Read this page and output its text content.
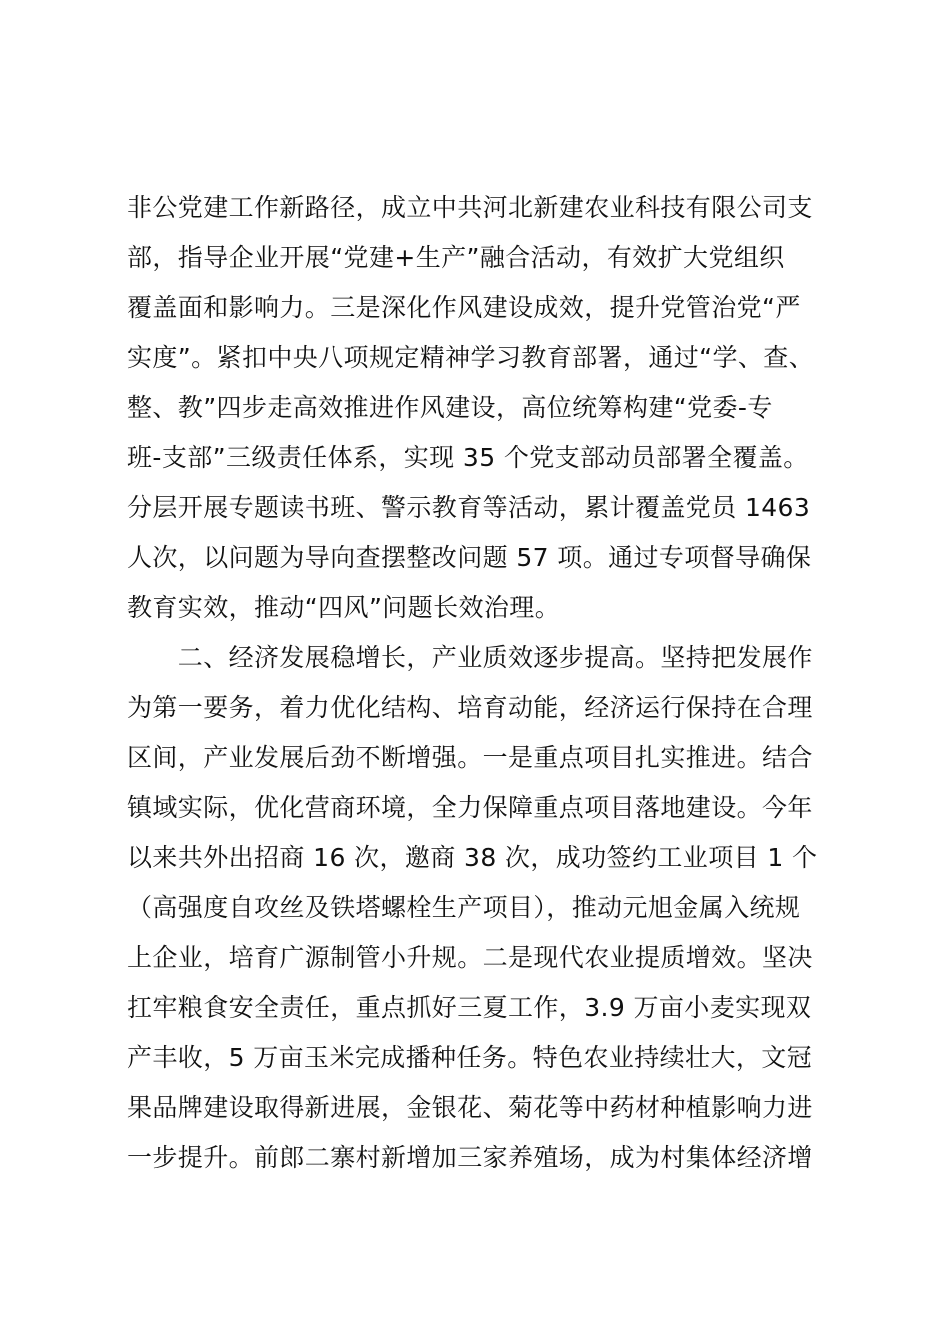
非公党建工作新路径，成立中共河北新建农业科技有限公司支
部，指导企业开展“党建+生产”融合活动，有效扩大党组织
覆盖面和影响力。三是深化作风建设成效，提升党管治党“严
实度”。紧扣中央八项规定精神学习教育部署，通过“学、查、
整、教”四步走高效推进作风建设，高位统筹构建“党委-专
班-支部”三级责任体系，实现 35 个党支部动员部署全覆盖。
分层开展专题读书班、警示教育等活动，累计覆盖党员 1463
人次，以问题为导向查摆整改问题 57 项。通过专项督导确保
教育实效，推动“四风”问题长效治理。
　　二、经济发展稳增长，产业质效逐步提高。坚持把发展作
为第一要务，着力优化结构、培育动能，经济运行保持在合理
区间，产业发展后劲不断增强。一是重点项目扎实推进。结合
镇域实际，优化营商环境，全力保障重点项目落地建设。今年
以来共外出招商 16 次，邀商 38 次，成功签约工业项目 1 个
（高强度自攻丝及铁塔螺栓生产项目），推动元旭金属入统规
上企业，培育广源制管小升规。二是现代农业提质增效。坚决
扛牢粮食安全责任，重点抓好三夏工作，3.9 万亩小麦实现双
产丰收，5 万亩玉米完成播种任务。特色农业持续壮大，文冠
果品牌建设取得新进展，金银花、菊花等中药材种植影响力进
一步提升。前郎二寨村新增加三家养殖场，成为村集体经济增
